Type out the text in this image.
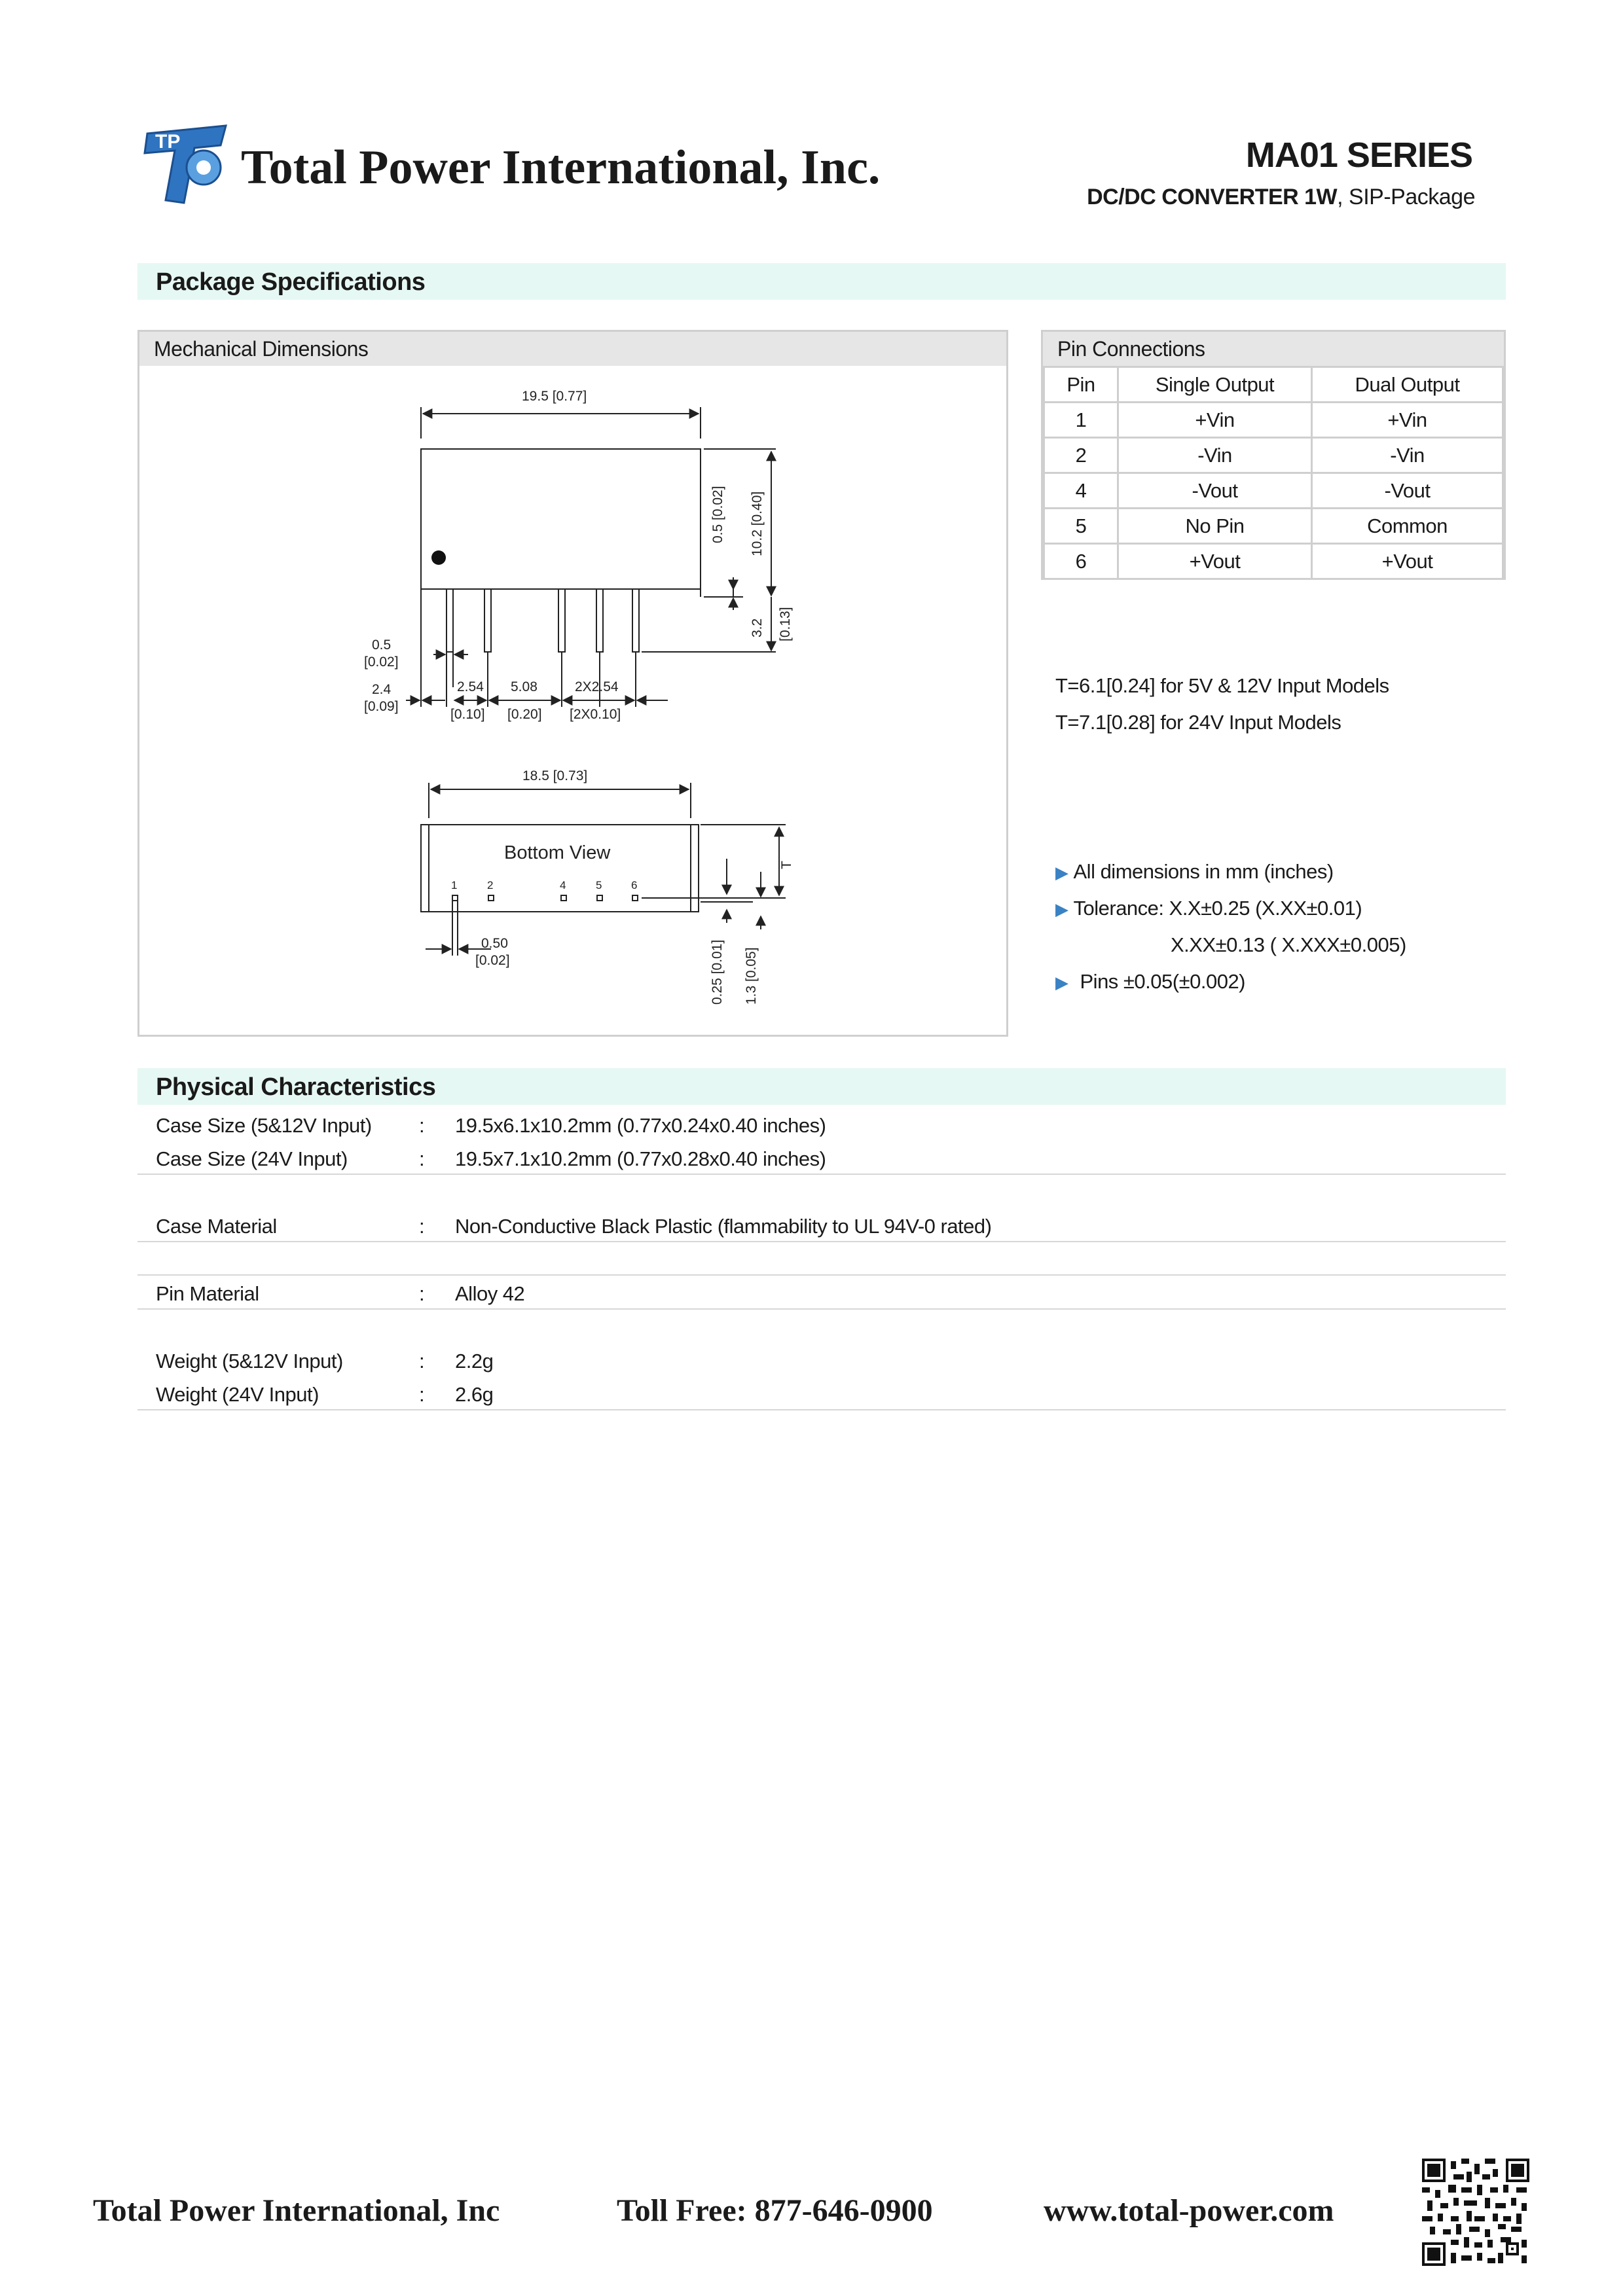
TP Total Power International, Inc.	MA01 SERIES
DC/DC CONVERTER 1W, SIP-Package
Package Specifications
Mechanical Dimensions
19.5 [0.77]
0.5 [0.02] 10.2 [0.40]
3.2 [0.13]
0.5
[0.02]
2.4
[0.09]
2.54
[0.10]
5.08
[0.20]
2X2.54
[2X0.10]
18.5 [0.73]
0.50
[0.02]	0.25 [0.01] 1.3 [0.05]
T
Bottom View
1	2	4	5	6
Pin Connections
Pin	Single Output	Dual Output
1	+Vin	+Vin
2	-Vin	-Vin
4	-Vout	-Vout
5	No Pin	Common
6	+Vout	+Vout
T=6.1[0.24] for 5V & 12V Input Models
T=7.1[0.28] for 24V Input Models
▶ All dimensions in mm (inches)
▶ Tolerance: X.X±0.25 (X.XX±0.01)
X.XX±0.13 ( X.XXX±0.005)
▶ Pins ±0.05(±0.002)
Physical Characteristics
Case Size (5&12V Input) : 19.5x6.1x10.2mm (0.77x0.24x0.40 inches)
Case Size (24V Input)	: 19.5x7.1x10.2mm (0.77x0.28x0.40 inches)
Case Material	: Non-Conductive Black Plastic (flammability to UL 94V-0 rated)
Pin Material	: Alloy 42
Weight (5&12V Input)	: 2.2g
Weight (24V Input)	: 2.6g
Total Power International, Inc	Toll Free: 877-646-0900	www.total-power.com
